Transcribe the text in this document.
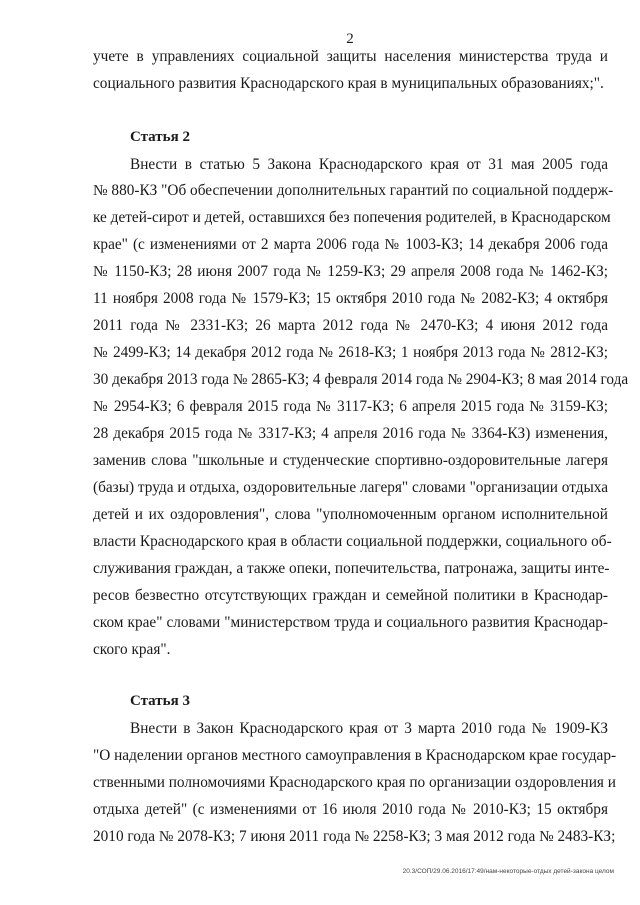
2
учете в управлениях социальной защиты населения министерства труда и
социального развития Краснодарского края в муниципальных образованиях;".
Статья 2
Внести в статью 5 Закона Краснодарского края от 31 мая 2005 года
№ 880-КЗ "Об обеспечении дополнительных гарантий по социальной поддерж-
ке детей-сирот и детей, оставшихся без попечения родителей, в Краснодарском
крае" (с изменениями от 2 марта 2006 года № 1003-КЗ; 14 декабря 2006 года
№ 1150-КЗ; 28 июня 2007 года № 1259-КЗ; 29 апреля 2008 года № 1462-КЗ;
11 ноября 2008 года № 1579-КЗ; 15 октября 2010 года № 2082-КЗ; 4 октября
2011 года № 2331-КЗ; 26 марта 2012 года № 2470-КЗ; 4 июня 2012 года
№ 2499-КЗ; 14 декабря 2012 года № 2618-КЗ; 1 ноября 2013 года № 2812-КЗ;
30 декабря 2013 года № 2865-КЗ; 4 февраля 2014 года № 2904-КЗ; 8 мая 2014 года
№ 2954-КЗ; 6 февраля 2015 года № 3117-КЗ; 6 апреля 2015 года № 3159-КЗ;
28 декабря 2015 года № 3317-КЗ; 4 апреля 2016 года № 3364-КЗ) изменения,
заменив слова "школьные и студенческие спортивно-оздоровительные лагеря
(базы) труда и отдыха, оздоровительные лагеря" словами "организации отдыха
детей и их оздоровления", слова "уполномоченным органом исполнительной
власти Краснодарского края в области социальной поддержки, социального об-
служивания граждан, а также опеки, попечительства, патронажа, защиты инте-
ресов безвестно отсутствующих граждан и семейной политики в Краснодар-
ском крае" словами "министерством труда и социального развития Краснодар-
ского края".
Статья 3
Внести в Закон Краснодарского края от 3 марта 2010 года № 1909-КЗ
"О наделении органов местного самоуправления в Краснодарском крае государ-
ственными полномочиями Краснодарского края по организации оздоровления и
отдыха детей" (с изменениями от 16 июля 2010 года № 2010-КЗ; 15 октября
2010 года № 2078-КЗ; 7 июня 2011 года № 2258-КЗ; 3 мая 2012 года № 2483-КЗ;
20.3/СОП/29.06.2016/17:49/нам-некоторые-отдых детей-закона целом
